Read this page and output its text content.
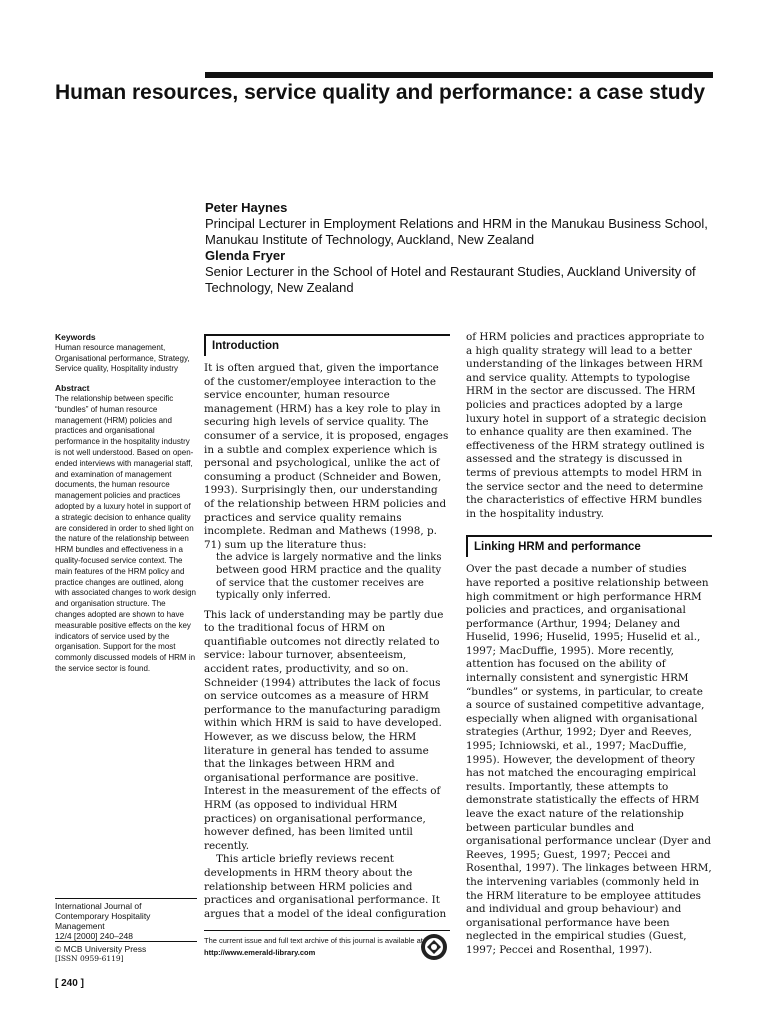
Human resources, service quality and performance: a case study
Peter Haynes

Principal Lecturer in Employment Relations and HRM in the Manukau Business School, Manukau Institute of Technology, Auckland, New Zealand

Glenda Fryer

Senior Lecturer in the School of Hotel and Restaurant Studies, Auckland University of Technology, New Zealand

Keywords

Human resource management, Organisational performance, Strategy, Service quality, Hospitality industry

Abstract

The relationship between specific “bundles” of human resource management (HRM) policies and practices and organisational performance in the hospitality industry is not well understood. Based on open-ended interviews with managerial staff, and examination of management documents, the human resource management policies and practices adopted by a luxury hotel in support of a strategic decision to enhance quality are considered in order to shed light on the nature of the relationship between HRM bundles and effectiveness in a quality-focused service context. The main features of the HRM policy and practice changes are outlined, along with associated changes to work design and organisation structure. The changes adopted are shown to have measurable positive effects on the key indicators of service used by the organisation. Support for the most commonly discussed models of HRM in the service sector is found.

International Journal of Contemporary Hospitality Management
12/4 [2000] 240–248
© MCB University Press
[ISSN 0959-6119]
[ 240 ]
Introduction

It is often argued that, given the importance of the customer/employee interaction to the service encounter, human resource management (HRM) has a key role to play in securing high levels of service quality. The consumer of a service, it is proposed, engages in a subtle and complex experience which is personal and psychological, unlike the act of consuming a product (Schneider and Bowen, 1993). Surprisingly then, our understanding of the relationship between HRM policies and practices and service quality remains incomplete. Redman and Mathews (1998, p. 71) sum up the literature thus:

the advice is largely normative and the links between good HRM practice and the quality of service that the customer receives are typically only inferred.

This lack of understanding may be partly due to the traditional focus of HRM on quantifiable outcomes not directly related to service: labour turnover, absenteeism, accident rates, productivity, and so on. Schneider (1994) attributes the lack of focus on service outcomes as a measure of HRM performance to the manufacturing paradigm within which HRM is said to have developed. However, as we discuss below, the HRM literature in general has tended to assume that the linkages between HRM and organisational performance are positive. Interest in the measurement of the effects of HRM (as opposed to individual HRM practices) on organisational performance, however defined, has been limited until recently.

This article briefly reviews recent developments in HRM theory about the relationship between HRM policies and practices and organisational performance. It argues that a model of the ideal configuration

The current issue and full text archive of this journal is available at
http://www.emerald-library.com

of HRM policies and practices appropriate to a high quality strategy will lead to a better understanding of the linkages between HRM and service quality. Attempts to typologise HRM in the sector are discussed. The HRM policies and practices adopted by a large luxury hotel in support of a strategic decision to enhance quality are then examined. The effectiveness of the HRM strategy outlined is assessed and the strategy is discussed in terms of previous attempts to model HRM in the service sector and the need to determine the characteristics of effective HRM bundles in the hospitality industry.

Linking HRM and performance

Over the past decade a number of studies have reported a positive relationship between high commitment or high performance HRM policies and practices, and organisational performance (Arthur, 1994; Delaney and Huselid, 1996; Huselid, 1995; Huselid et al., 1997; MacDuffie, 1995). More recently, attention has focused on the ability of internally consistent and synergistic HRM “bundles” or systems, in particular, to create a source of sustained competitive advantage, especially when aligned with organisational strategies (Arthur, 1992; Dyer and Reeves, 1995; Ichniowski, et al., 1997; MacDuffie, 1995). However, the development of theory has not matched the encouraging empirical results. Importantly, these attempts to demonstrate statistically the effects of HRM leave the exact nature of the relationship between particular bundles and organisational performance unclear (Dyer and Reeves, 1995; Guest, 1997; Peccei and Rosenthal, 1997). The linkages between HRM, the intervening variables (commonly held in the HRM literature to be employee attitudes and individual and group behaviour) and organisational performance have been neglected in the empirical studies (Guest, 1997; Peccei and Rosenthal, 1997).
